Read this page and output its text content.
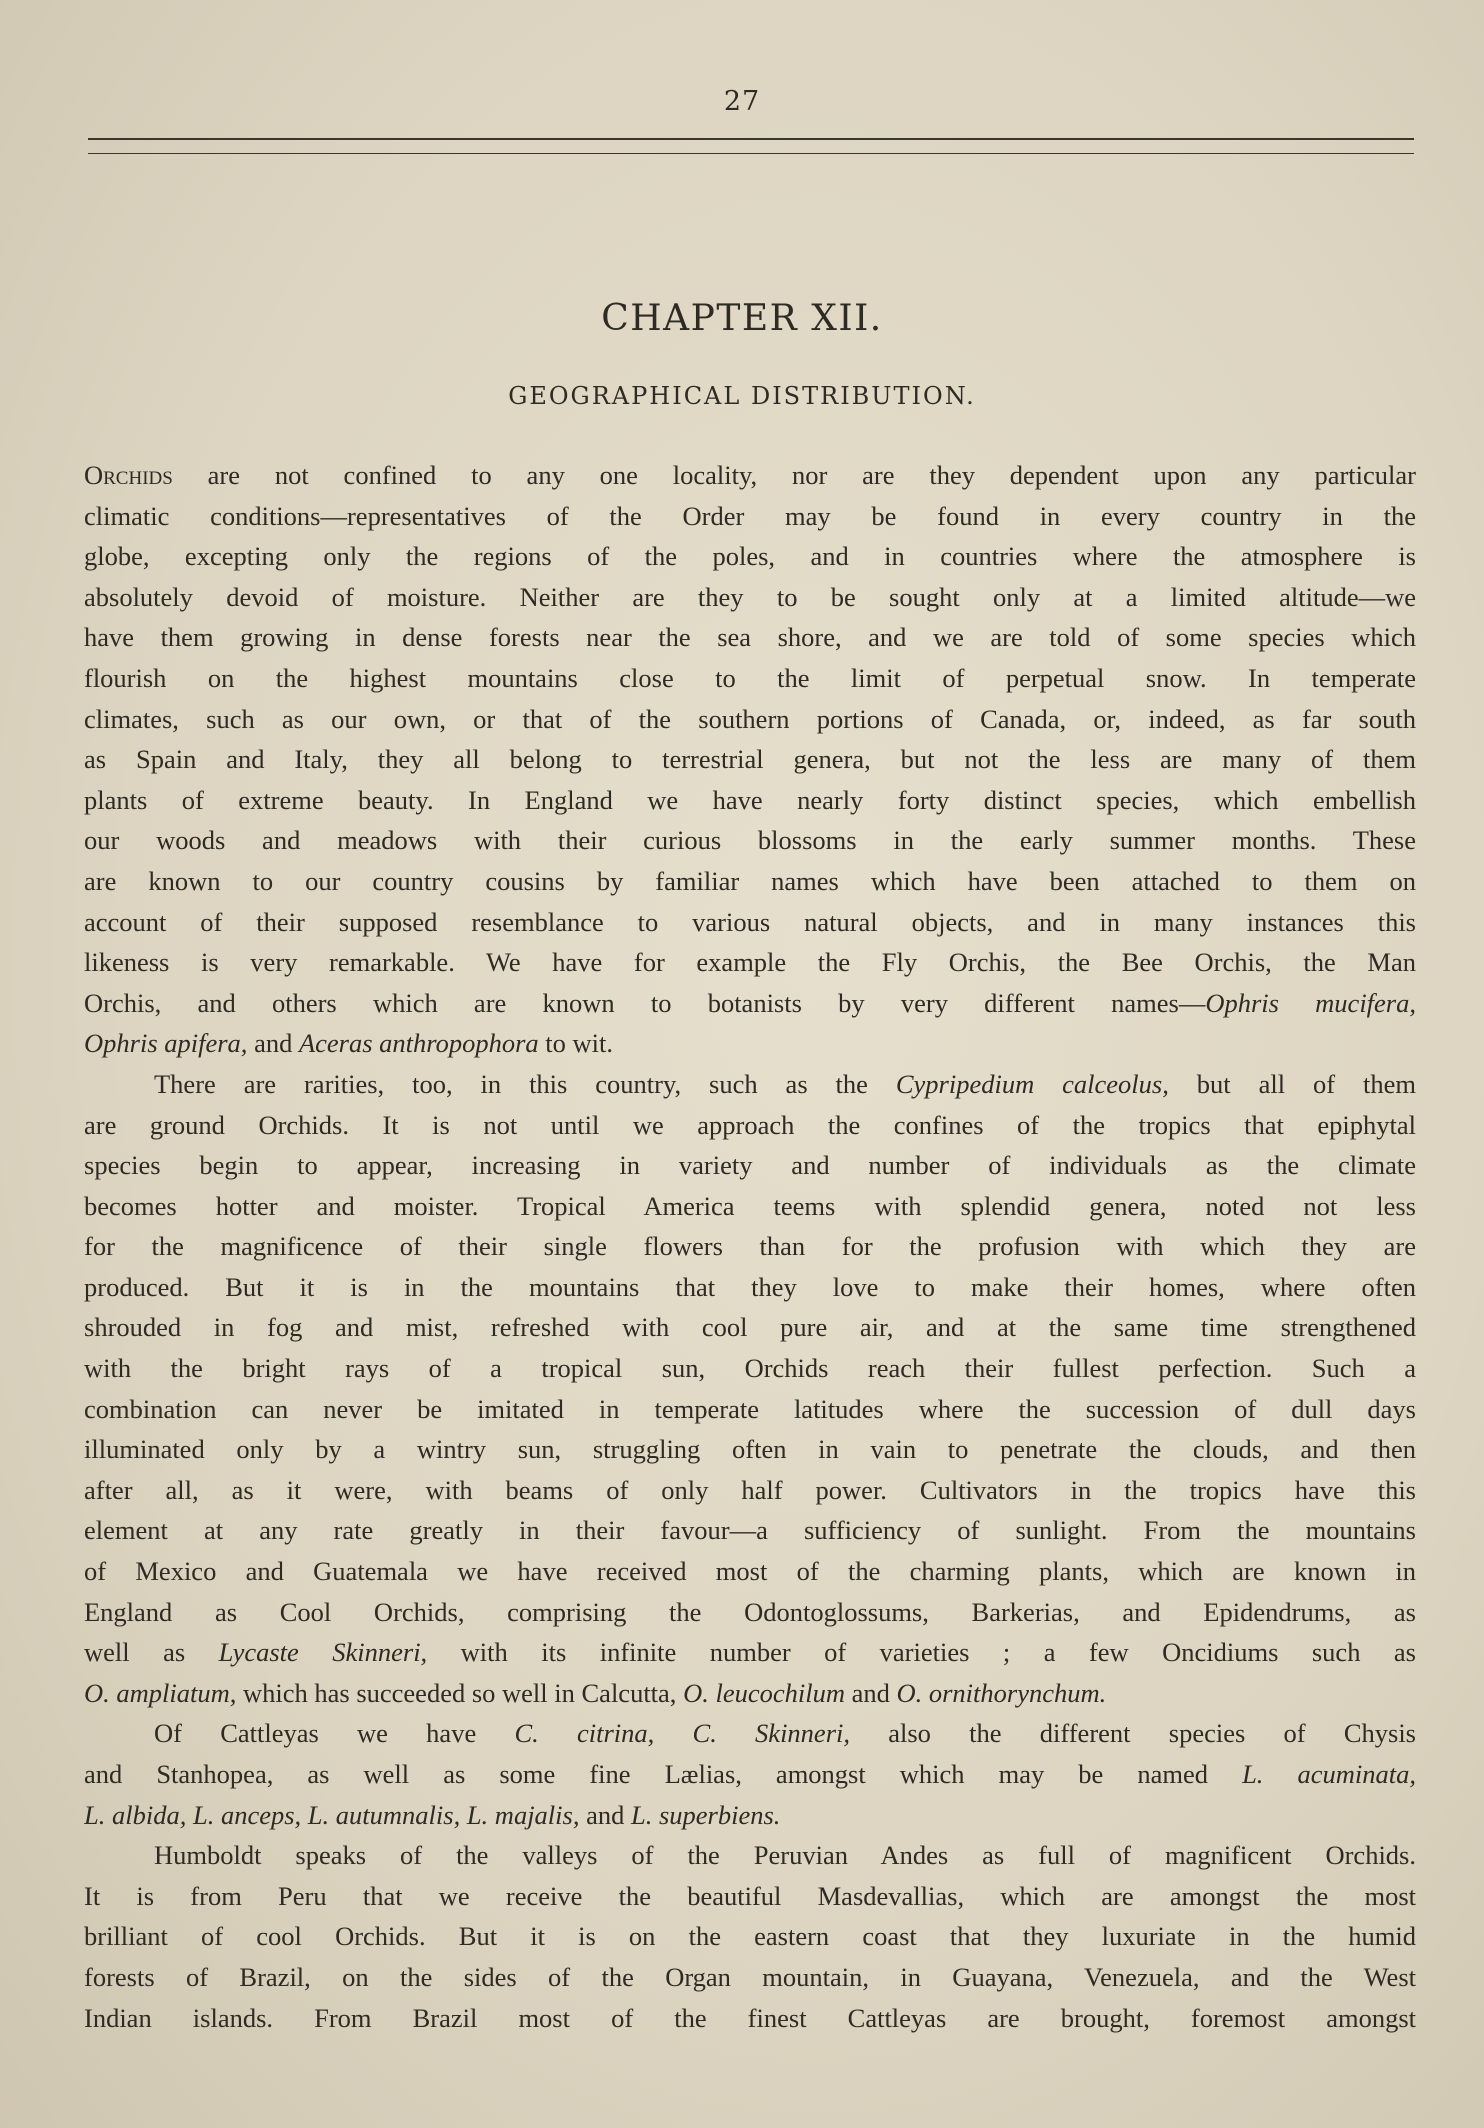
27
CHAPTER XII.
GEOGRAPHICAL DISTRIBUTION.
Orchids are not confined to any one locality, nor are they dependent upon any particular
climatic conditions—representatives of the Order may be found in every country in the
globe, excepting only the regions of the poles, and in countries where the atmosphere is
absolutely devoid of moisture. Neither are they to be sought only at a limited altitude—we
have them growing in dense forests near the sea shore, and we are told of some species which
flourish on the highest mountains close to the limit of perpetual snow. In temperate
climates, such as our own, or that of the southern portions of Canada, or, indeed, as far south
as Spain and Italy, they all belong to terrestrial genera, but not the less are many of them
plants of extreme beauty. In England we have nearly forty distinct species, which embellish
our woods and meadows with their curious blossoms in the early summer months. These
are known to our country cousins by familiar names which have been attached to them on
account of their supposed resemblance to various natural objects, and in many instances this
likeness is very remarkable. We have for example the Fly Orchis, the Bee Orchis, the Man
Orchis, and others which are known to botanists by very different names—Ophris mucifera,
Ophris apifera, and Aceras anthropophora to wit.
There are rarities, too, in this country, such as the Cypripedium calceolus, but all of them
are ground Orchids. It is not until we approach the confines of the tropics that epiphytal
species begin to appear, increasing in variety and number of individuals as the climate
becomes hotter and moister. Tropical America teems with splendid genera, noted not less
for the magnificence of their single flowers than for the profusion with which they are
produced. But it is in the mountains that they love to make their homes, where often
shrouded in fog and mist, refreshed with cool pure air, and at the same time strengthened
with the bright rays of a tropical sun, Orchids reach their fullest perfection. Such a
combination can never be imitated in temperate latitudes where the succession of dull days
illuminated only by a wintry sun, struggling often in vain to penetrate the clouds, and then
after all, as it were, with beams of only half power. Cultivators in the tropics have this
element at any rate greatly in their favour—a sufficiency of sunlight. From the mountains
of Mexico and Guatemala we have received most of the charming plants, which are known in
England as Cool Orchids, comprising the Odontoglossums, Barkerias, and Epidendrums, as
well as Lycaste Skinneri, with its infinite number of varieties ; a few Oncidiums such as
O. ampliatum, which has succeeded so well in Calcutta, O. leucochilum and O. ornithorynchum.
Of Cattleyas we have C. citrina, C. Skinneri, also the different species of Chysis
and Stanhopea, as well as some fine Lælias, amongst which may be named L. acuminata,
L. albida, L. anceps, L. autumnalis, L. majalis, and L. superbiens.
Humboldt speaks of the valleys of the Peruvian Andes as full of magnificent Orchids.
It is from Peru that we receive the beautiful Masdevallias, which are amongst the most
brilliant of cool Orchids. But it is on the eastern coast that they luxuriate in the humid
forests of Brazil, on the sides of the Organ mountain, in Guayana, Venezuela, and the West
Indian islands. From Brazil most of the finest Cattleyas are brought, foremost amongst
